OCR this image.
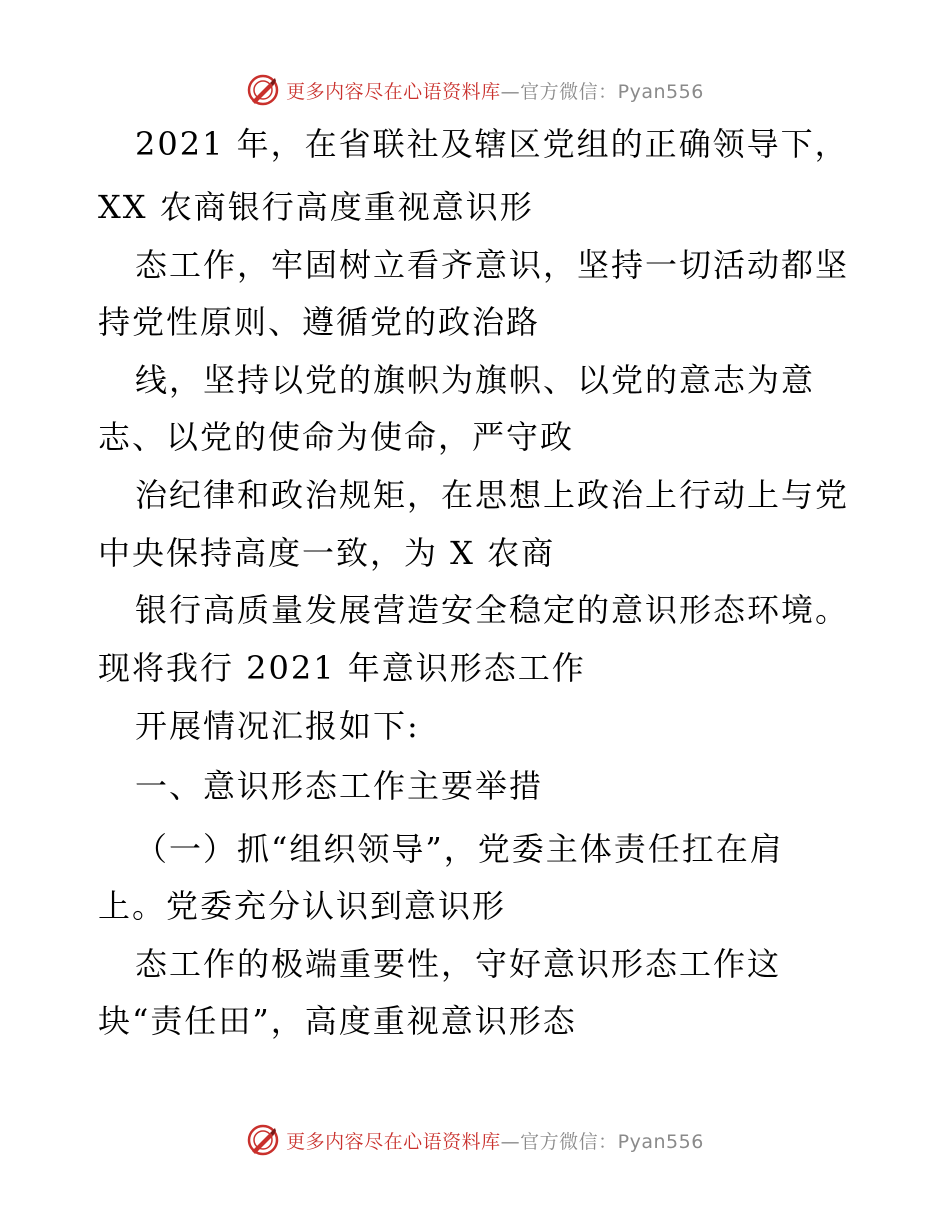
更多内容尽在心语资料库—官方微信：Pyan556
2021 年，在省联社及辖区党组的正确领导下，
XX 农商银行高度重视意识形
态工作，牢固树立看齐意识，坚持一切活动都坚
持党性原则、遵循党的政治路
线，坚持以党的旗帜为旗帜、以党的意志为意
志、以党的使命为使命，严守政
治纪律和政治规矩，在思想上政治上行动上与党
中央保持高度一致，为 X 农商
银行高质量发展营造安全稳定的意识形态环境。
现将我行 2021 年意识形态工作
开展情况汇报如下:
一、意识形态工作主要举措
（一）抓“组织领导”，党委主体责任扛在肩
上。党委充分认识到意识形
态工作的极端重要性，守好意识形态工作这
块“责任田”，高度重视意识形态
更多内容尽在心语资料库—官方微信：Pyan556
